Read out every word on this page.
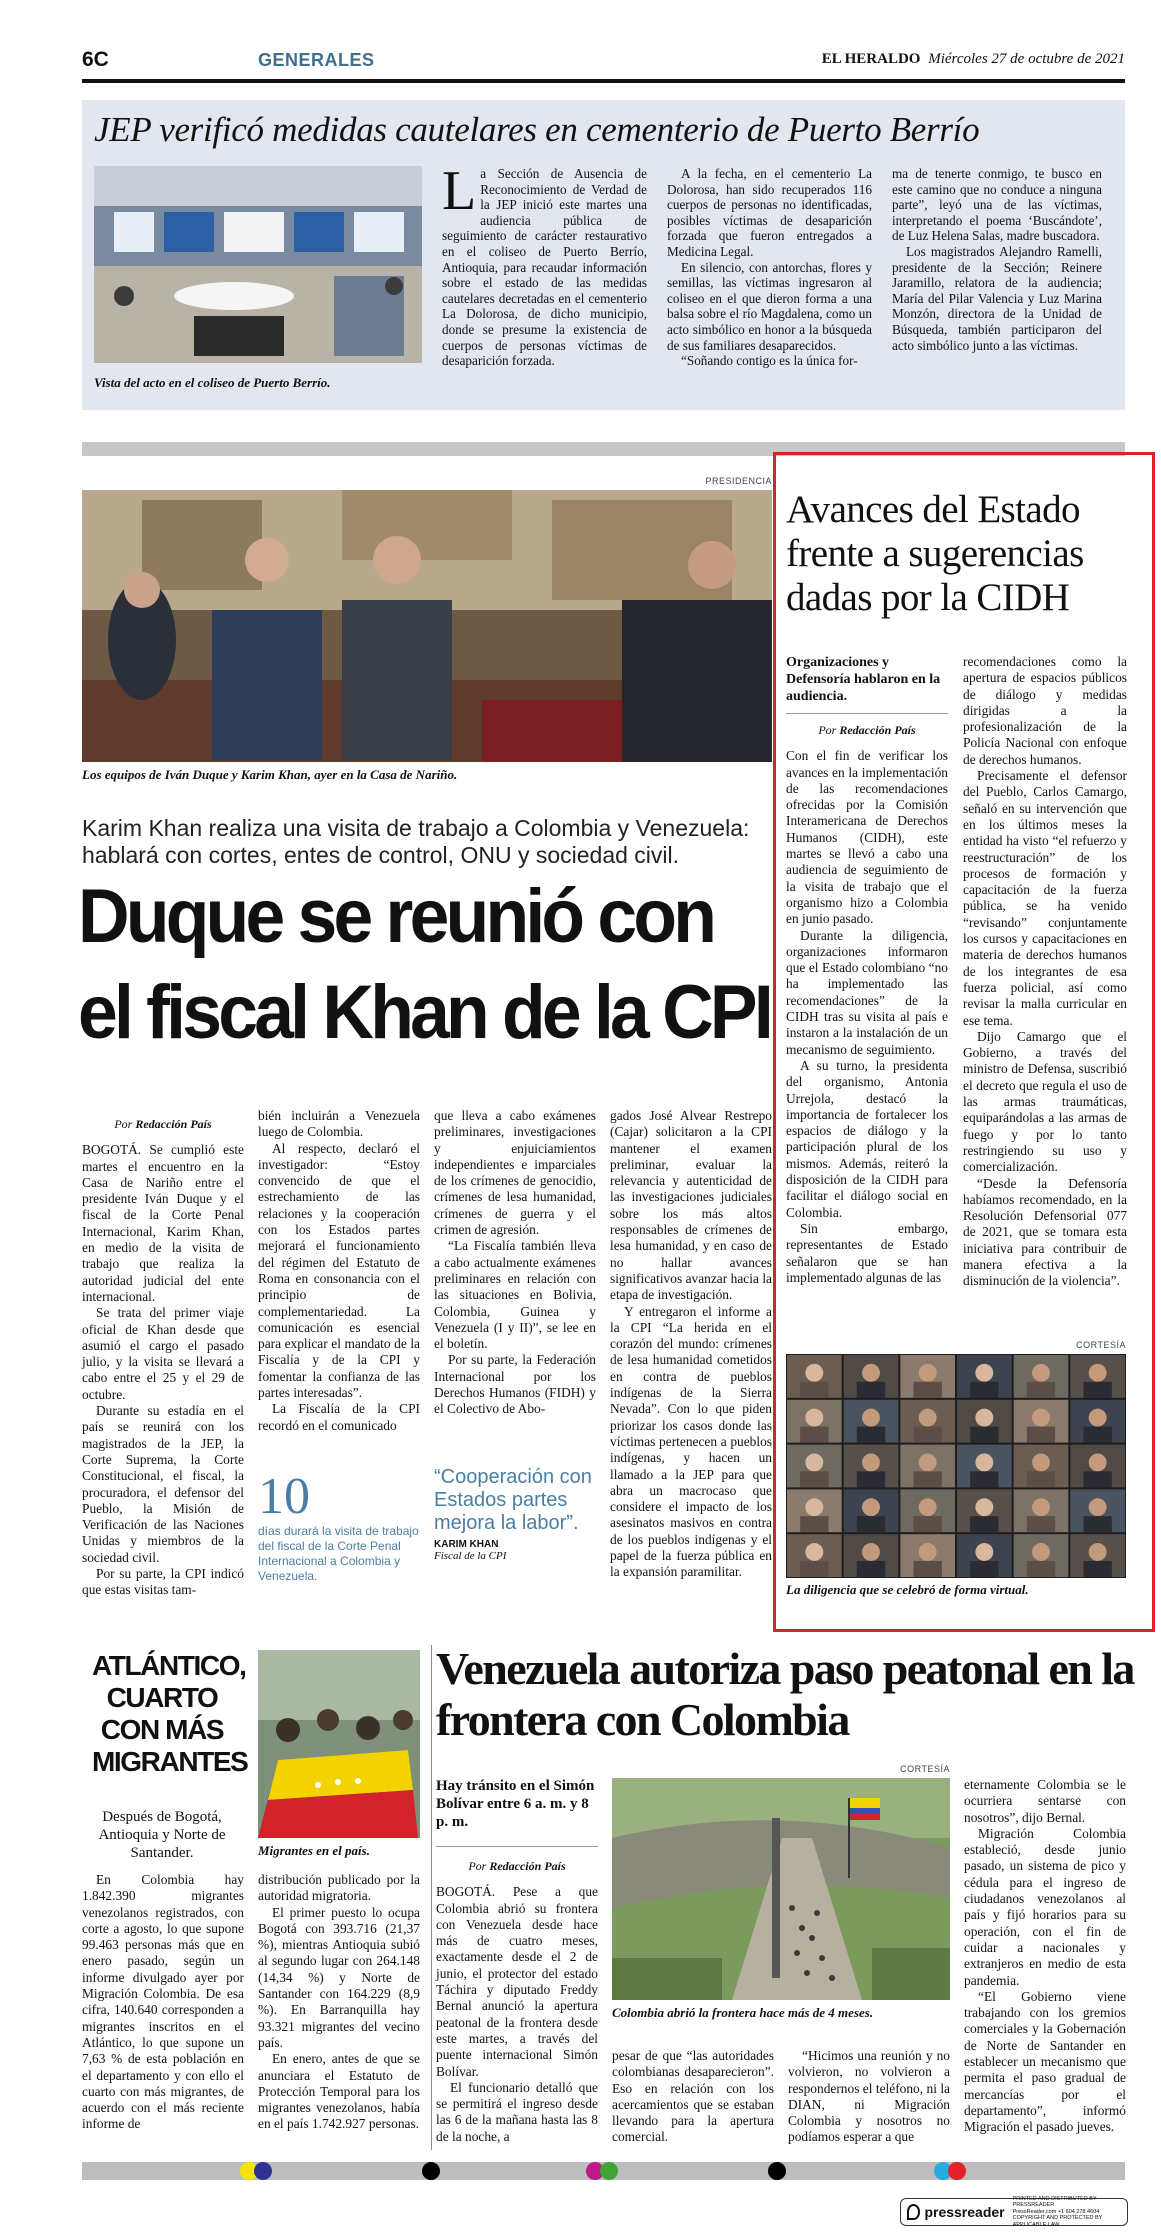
6C	GENERALES	EL HERALDO Miércoles 27 de octubre de 2021
JEP verificó medidas cautelares en cementerio de Puerto Berrío
Vista del acto en el coliseo de Puerto Berrío.
L a Sección de Ausencia de Reconocimiento de Verdad de la JEP inició este martes una audiencia pública de seguimiento de carácter restaurativo en el coliseo de Puerto Berrío, Antioquia, para recaudar información sobre el estado de las medidas cautelares decretadas en el cementerio La Dolorosa, de dicho municipio, donde se presume la existencia de cuerpos de personas víctimas de desaparición forzada.

A la fecha, en el cementerio La Dolorosa, han sido recuperados 116 cuerpos de personas no identificadas, posibles víctimas de desaparición forzada que fueron entregados a Medicina Legal.

En silencio, con antorchas, flores y semillas, las víctimas ingresaron al coliseo en el que dieron forma a una balsa sobre el río Magdalena, como un acto simbólico en honor a la búsqueda de sus familiares desaparecidos.

“Soñando contigo es la única for-

ma de tenerte conmigo, te busco en este camino que no conduce a ninguna parte”, leyó una de las víctimas, interpretando el poema ‘Buscándote’, de Luz Helena Salas, madre buscadora.

Los magistrados Alejandro Ramelli, presidente de la Sección; Reinere Jaramillo, relatora de la audiencia; María del Pilar Valencia y Luz Marina Monzón, directora de la Unidad de Búsqueda, también participaron del acto simbólico junto a las víctimas.

PRESIDENCIA
Los equipos de Iván Duque y Karim Khan, ayer en la Casa de Nariño.
Karim Khan realiza una visita de trabajo a Colombia y Venezuela: hablará con cortes, entes de control, ONU y sociedad civil.
Duque se reunió con
el fiscal Khan de la CPI
Por Redacción País

BOGOTÁ. Se cumplió este martes el encuentro en la Casa de Nariño entre el presidente Iván Duque y el fiscal de la Corte Penal Internacional, Karim Khan, en medio de la visita de trabajo que realiza la autoridad judicial del ente internacional.

Se trata del primer viaje oficial de Khan desde que asumió el cargo el pasado julio, y la visita se llevará a cabo entre el 25 y el 29 de octubre.

Durante su estadía en el país se reunirá con los magistrados de la JEP, la Corte Suprema, la Corte Constitucional, el fiscal, la procuradora, el defensor del Pueblo, la Misión de Verificación de las Naciones Unidas y miembros de la sociedad civil.

Por su parte, la CPI indicó que estas visitas tam-

bién incluirán a Venezuela luego de Colombia.

Al respecto, declaró el investigador: “Estoy convencido de que el estrechamiento de las relaciones y la cooperación con los Estados partes mejorará el funcionamiento del régimen del Estatuto de Roma en consonancia con el principio de complementariedad. La comunicación es esencial para explicar el mandato de la Fiscalía y de la CPI y fomentar la confianza de las partes interesadas”.

La Fiscalía de la CPI recordó en el comunicado

que lleva a cabo exámenes preliminares, investigaciones y enjuiciamientos independientes e imparciales de los crímenes de genocidio, crímenes de lesa humanidad, crímenes de guerra y el crimen de agresión.

“La Fiscalía también lleva a cabo actualmente exámenes preliminares en relación con las situaciones en Bolivia, Colombia, Guinea y Venezuela (I y II)”, se lee en el boletín.

Por su parte, la Federación Internacional por los Derechos Humanos (FIDH) y el Colectivo de Abo-

gados José Alvear Restrepo (Cajar) solicitaron a la CPI mantener el examen preliminar, evaluar la relevancia y autenticidad de las investigaciones judiciales sobre los más altos responsables de crímenes de lesa humanidad, y en caso de no hallar avances significativos avanzar hacia la etapa de investigación.

Y entregaron el informe a la CPI “La herida en el corazón del mundo: crímenes de lesa humanidad cometidos en contra de pueblos indígenas de la Sierra Nevada”. Con lo que piden priorizar los casos donde las víctimas pertenecen a pueblos indígenas, y hacen un llamado a la JEP para que abra un macrocaso que considere el impacto de los asesinatos masivos en contra de los pueblos indígenas y el papel de la fuerza pública en la expansión paramilitar.

10
días durará la visita de trabajo del fiscal de la Corte Penal Internacional a Colombia y Venezuela.
“Cooperación con Estados partes mejora la labor”.
KARIM KHAN
Fiscal de la CPI
Avances del Estado frente a sugerencias dadas por la CIDH
Organizaciones y Defensoría hablaron en la audiencia.
Por Redacción País

Con el fin de verificar los avances en la implementación de las recomendaciones ofrecidas por la Comisión Interamericana de Derechos Humanos (CIDH), este martes se llevó a cabo una audiencia de seguimiento de la visita de trabajo que el organismo hizo a Colombia en junio pasado.

Durante la diligencia, organizaciones informaron que el Estado colombiano “no ha implementado las recomendaciones” de la CIDH tras su visita al país e instaron a la instalación de un mecanismo de seguimiento.

A su turno, la presidenta del organismo, Antonia Urrejola, destacó la importancia de fortalecer los espacios de diálogo y la participación plural de los mismos. Además, reiteró la disposición de la CIDH para facilitar el diálogo social en Colombia.

Sin embargo, representantes de Estado señalaron que se han implementado algunas de las

recomendaciones como la apertura de espacios públicos de diálogo y medidas dirigidas a la profesionalización de la Policía Nacional con enfoque de derechos humanos.

Precisamente el defensor del Pueblo, Carlos Camargo, señaló en su intervención que en los últimos meses la entidad ha visto “el refuerzo y reestructuración” de los procesos de formación y capacitación de la fuerza pública, se ha venido “revisando” conjuntamente los cursos y capacitaciones en materia de derechos humanos de los integrantes de esa fuerza policial, así como revisar la malla curricular en ese tema.

Dijo Camargo que el Gobierno, a través del ministro de Defensa, suscribió el decreto que regula el uso de las armas traumáticas, equiparándolas a las armas de fuego y por lo tanto restringiendo su uso y comercialización.

“Desde la Defensoría habíamos recomendado, en la Resolución Defensorial 077 de 2021, que se tomara esta iniciativa para contribuir de manera efectiva a la disminución de la violencia”.

CORTESÍA
La diligencia que se celebró de forma virtual.
ATLÁNTICO, CUARTO CON MÁS MIGRANTES
Después de Bogotá, Antioquia y Norte de Santander.	Migrantes en el país.

En Colombia hay 1.842.390 migrantes venezolanos registrados, con corte a agosto, lo que supone 99.463 personas más que en enero pasado, según un informe divulgado ayer por Migración Colombia. De esa cifra, 140.640 corresponden a migrantes inscritos en el Atlántico, lo que supone un 7,63 % de esta población en el departamento y con ello el cuarto con más migrantes, de acuerdo con el más reciente informe de

distribución publicado por la autoridad migratoria.

El primer puesto lo ocupa Bogotá con 393.716 (21,37 %), mientras Antioquia subió al segundo lugar con 264.148 (14,34 %) y Norte de Santander con 164.229 (8,9 %). En Barranquilla hay 93.321 migrantes del vecino país.

En enero, antes de que se anunciara el Estatuto de Protección Temporal para los migrantes venezolanos, había en el país 1.742.927 personas.

Venezuela autoriza paso peatonal en la frontera con Colombia
Hay tránsito en el Simón Bolívar entre 6 a. m. y 8 p. m.
Por Redacción País

BOGOTÁ. Pese a que Colombia abrió su frontera con Venezuela desde hace más de cuatro meses, exactamente desde el 2 de junio, el protector del estado Táchira y diputado Freddy Bernal anunció la apertura peatonal de la frontera desde este martes, a través del puente internacional Simón Bolívar.

El funcionario detalló que se permitirá el ingreso desde las 6 de la mañana hasta las 8 de la noche, a

CORTESÍA
Colombia abrió la frontera hace más de 4 meses.

pesar de que “las autoridades colombianas desaparecieron”. Eso en relación con los acercamientos que se estaban llevando para la apertura comercial.

“Hicimos una reunión y no volvieron, no volvieron a respondernos el teléfono, ni la DIAN, ni Migración Colombia y nosotros no podíamos esperar a que

eternamente Colombia se le ocurriera sentarse con nosotros”, dijo Bernal.

Migración Colombia estableció, desde junio pasado, un sistema de pico y cédula para el ingreso de ciudadanos venezolanos al país y fijó horarios para su operación, con el fin de cuidar a nacionales y extranjeros en medio de esta pandemia.

“El Gobierno viene trabajando con los gremios comerciales y la Gobernación de Norte de Santander en establecer un mecanismo que permita el paso gradual de mercancías por el departamento”, informó Migración el pasado jueves.

pressreader
PRINTED AND DISTRIBUTED BY PRESSREADER
PressReader.com +1 604 278 4604
COPYRIGHT AND PROTECTED BY APPLICABLE LAW
